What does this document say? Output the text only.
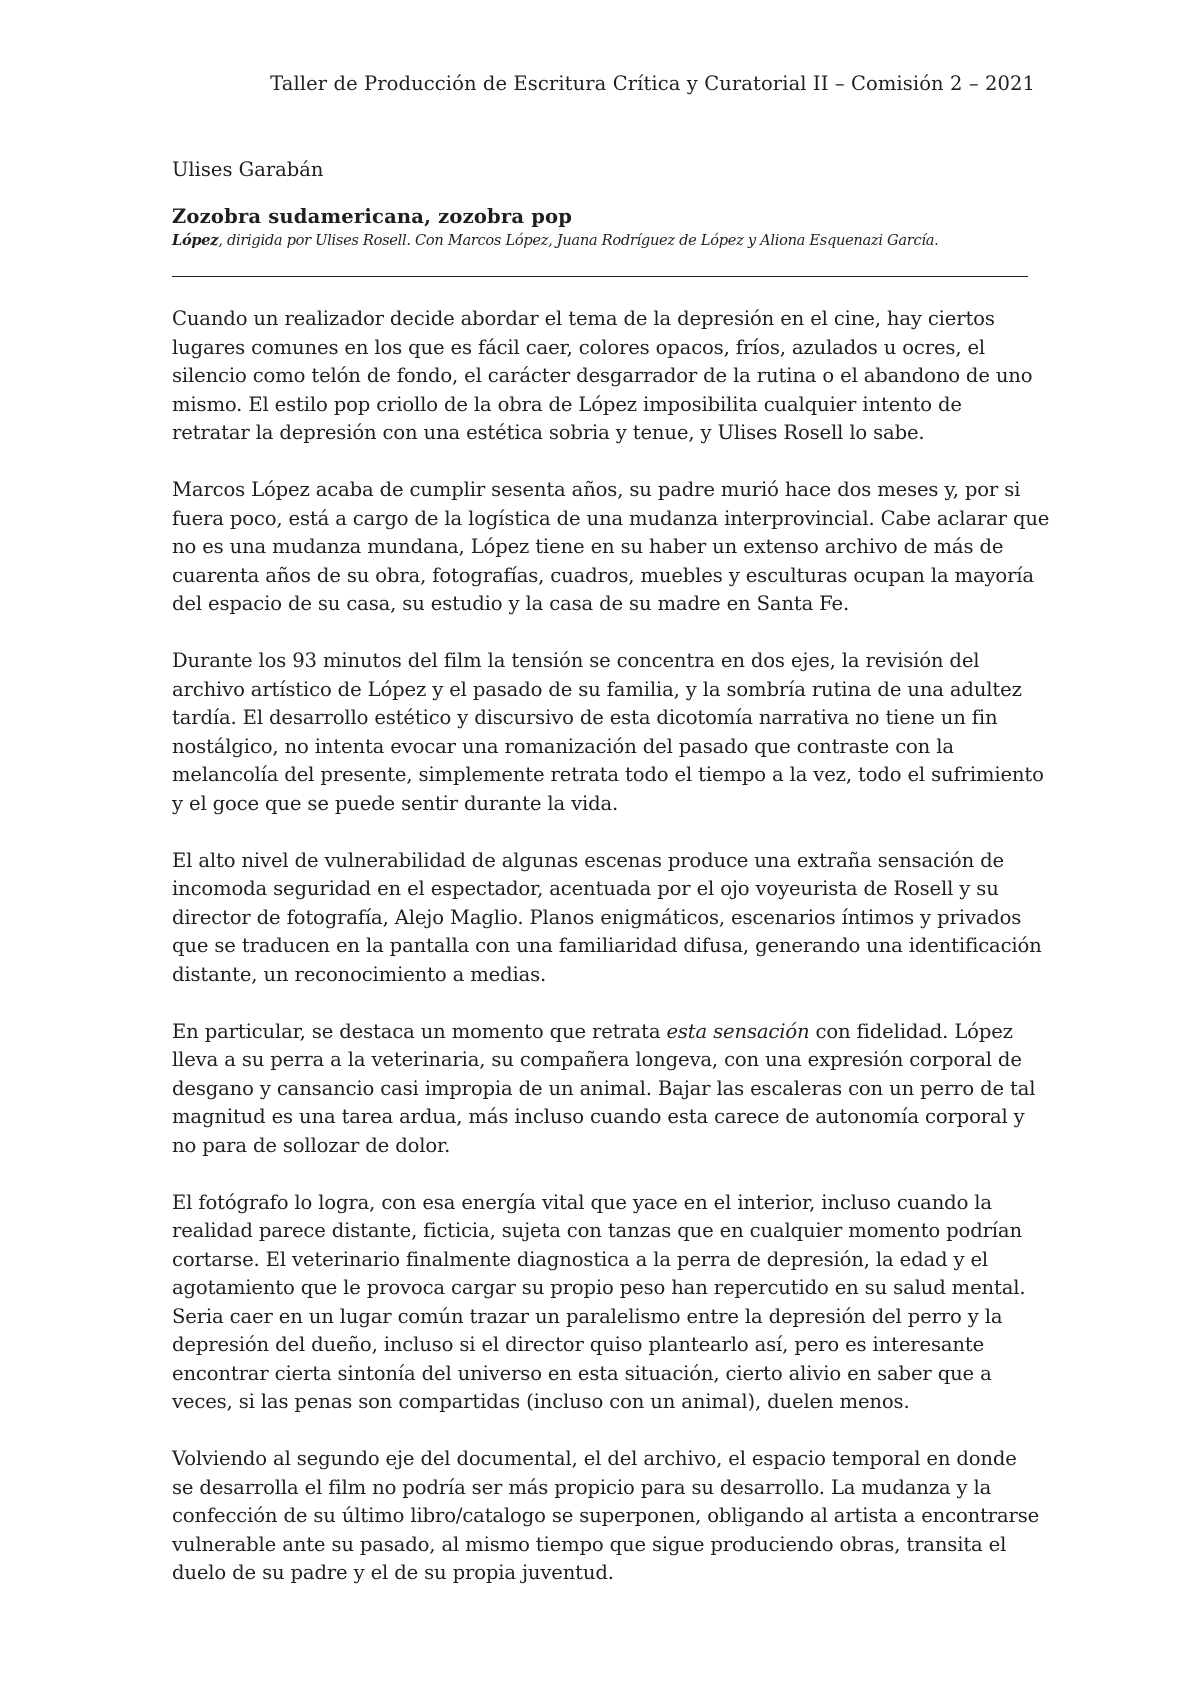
Taller de Producción de Escritura Crítica y Curatorial II – Comisión 2 – 2021
Ulises Garabán
Zozobra sudamericana, zozobra pop
López, dirigida por Ulises Rosell. Con Marcos López, Juana Rodríguez de López y Aliona Esquenazi García.

Cuando un realizador decide abordar el tema de la depresión en el cine, hay ciertos
lugares comunes en los que es fácil caer, colores opacos, fríos, azulados u ocres, el
silencio como telón de fondo, el carácter desgarrador de la rutina o el abandono de uno
mismo. El estilo pop criollo de la obra de López imposibilita cualquier intento de
retratar la depresión con una estética sobria y tenue, y Ulises Rosell lo sabe.

Marcos López acaba de cumplir sesenta años, su padre murió hace dos meses y, por si
fuera poco, está a cargo de la logística de una mudanza interprovincial. Cabe aclarar que
no es una mudanza mundana, López tiene en su haber un extenso archivo de más de
cuarenta años de su obra, fotografías, cuadros, muebles y esculturas ocupan la mayoría
del espacio de su casa, su estudio y la casa de su madre en Santa Fe.

Durante los 93 minutos del film la tensión se concentra en dos ejes, la revisión del
archivo artístico de López y el pasado de su familia, y la sombría rutina de una adultez
tardía. El desarrollo estético y discursivo de esta dicotomía narrativa no tiene un fin
nostálgico, no intenta evocar una romanización del pasado que contraste con la
melancolía del presente, simplemente retrata todo el tiempo a la vez, todo el sufrimiento
y el goce que se puede sentir durante la vida.

El alto nivel de vulnerabilidad de algunas escenas produce una extraña sensación de
incomoda seguridad en el espectador, acentuada por el ojo voyeurista de Rosell y su
director de fotografía, Alejo Maglio. Planos enigmáticos, escenarios íntimos y privados
que se traducen en la pantalla con una familiaridad difusa, generando una identificación
distante, un reconocimiento a medias.

En particular, se destaca un momento que retrata esta sensación con fidelidad. López
lleva a su perra a la veterinaria, su compañera longeva, con una expresión corporal de
desgano y cansancio casi impropia de un animal. Bajar las escaleras con un perro de tal
magnitud es una tarea ardua, más incluso cuando esta carece de autonomía corporal y
no para de sollozar de dolor.

El fotógrafo lo logra, con esa energía vital que yace en el interior, incluso cuando la
realidad parece distante, ficticia, sujeta con tanzas que en cualquier momento podrían
cortarse. El veterinario finalmente diagnostica a la perra de depresión, la edad y el
agotamiento que le provoca cargar su propio peso han repercutido en su salud mental.
Seria caer en un lugar común trazar un paralelismo entre la depresión del perro y la
depresión del dueño, incluso si el director quiso plantearlo así, pero es interesante
encontrar cierta sintonía del universo en esta situación, cierto alivio en saber que a
veces, si las penas son compartidas (incluso con un animal), duelen menos.

Volviendo al segundo eje del documental, el del archivo, el espacio temporal en donde
se desarrolla el film no podría ser más propicio para su desarrollo. La mudanza y la
confección de su último libro/catalogo se superponen, obligando al artista a encontrarse
vulnerable ante su pasado, al mismo tiempo que sigue produciendo obras, transita el
duelo de su padre y el de su propia juventud.
